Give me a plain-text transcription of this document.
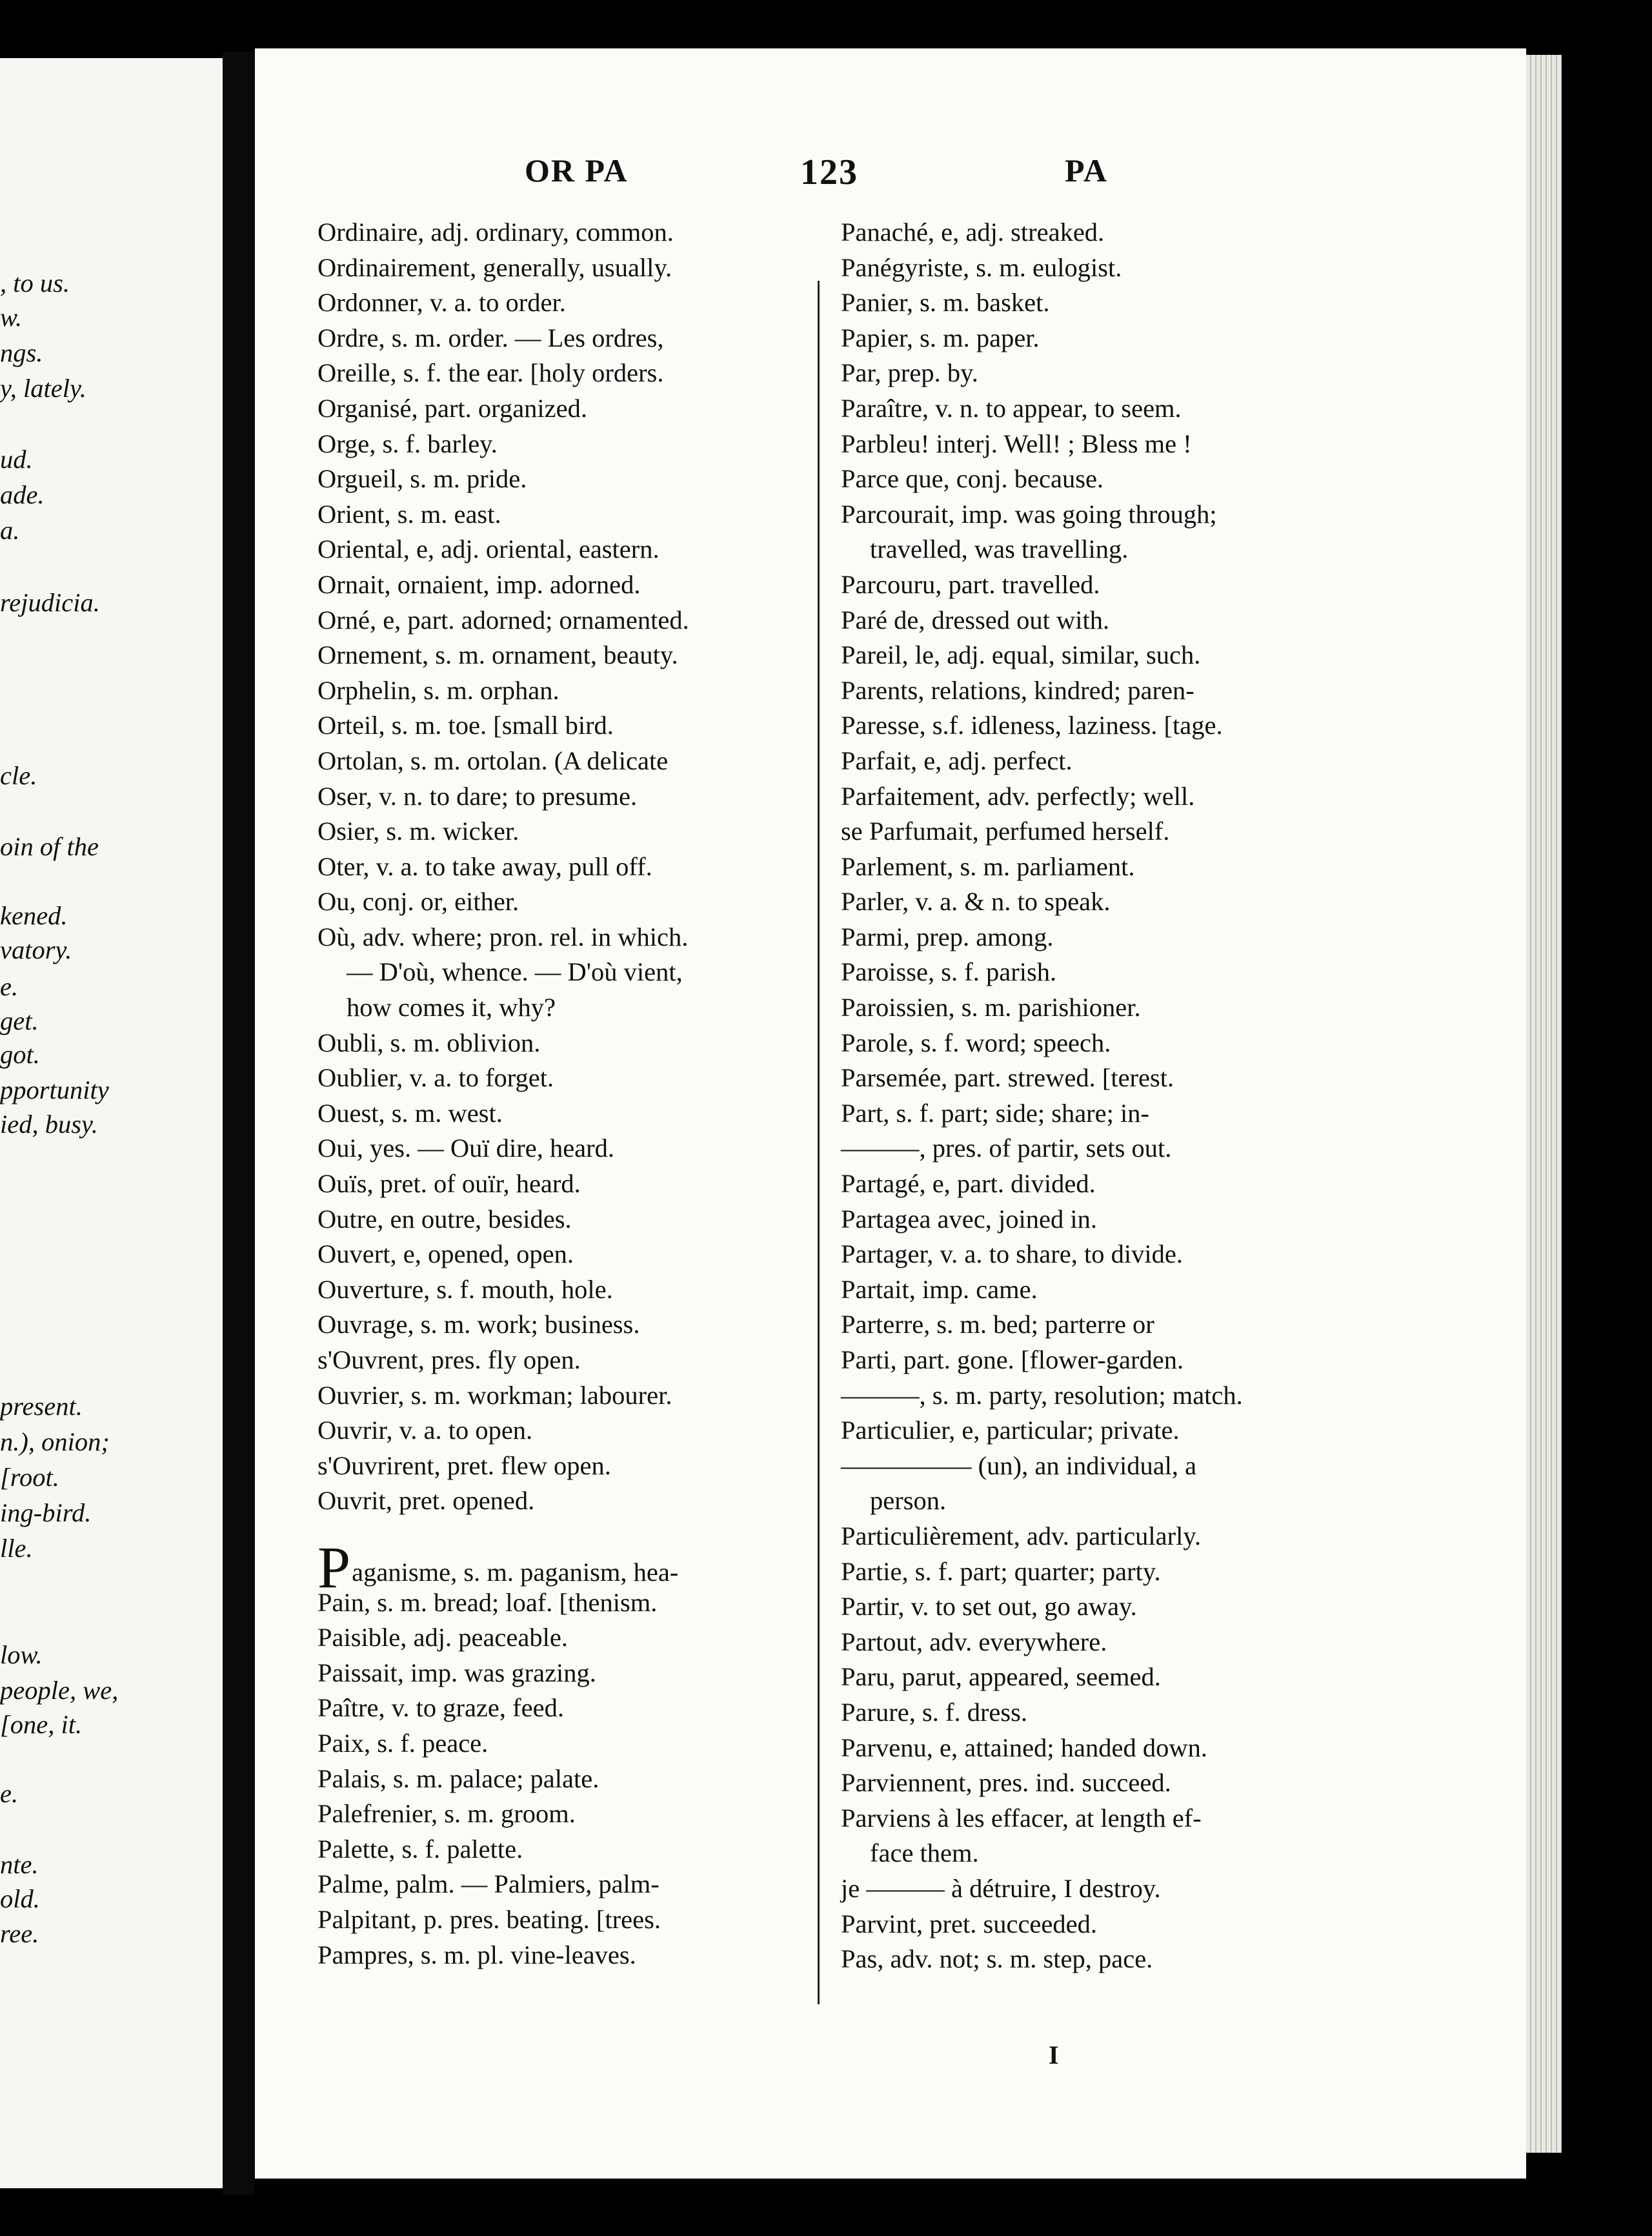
, to us.
w.
ngs.
y, lately.
ud.
ade.
a.
rejudicia.
cle.
oin of the
kened.
vatory.
e.
get.
got.
pportunity
ied, busy.
present.
n.), onion;
[root.
ing-bird.
lle.
low.
people, we,
[one, it.
e.
nte.
old.
ree.
OR PA	123	PA
Ordinaire, adj. ordinary, common.
Ordinairement, generally, usually.
Ordonner, v. a. to order.
Ordre, s. m. order. — Les ordres,
Oreille, s. f. the ear. [holy orders.
Organisé, part. organized.
Orge, s. f. barley.
Orgueil, s. m. pride.
Orient, s. m. east.
Oriental, e, adj. oriental, eastern.
Ornait, ornaient, imp. adorned.
Orné, e, part. adorned; ornamented.
Ornement, s. m. ornament, beauty.
Orphelin, s. m. orphan.
Orteil, s. m. toe. [small bird.
Ortolan, s. m. ortolan. (A delicate
Oser, v. n. to dare; to presume.
Osier, s. m. wicker.
Oter, v. a. to take away, pull off.
Ou, conj. or, either.
Où, adv. where; pron. rel. in which.
— D'où, whence. — D'où vient,
how comes it, why?
Oubli, s. m. oblivion.
Oublier, v. a. to forget.
Ouest, s. m. west.
Oui, yes. — Ouï dire, heard.
Ouïs, pret. of ouïr, heard.
Outre, en outre, besides.
Ouvert, e, opened, open.
Ouverture, s. f. mouth, hole.
Ouvrage, s. m. work; business.
s'Ouvrent, pres. fly open.
Ouvrier, s. m. workman; labourer.
Ouvrir, v. a. to open.
s'Ouvrirent, pret. flew open.
Ouvrit, pret. opened.
Paganisme, s. m. paganism, hea-
Pain, s. m. bread; loaf. [thenism.
Paisible, adj. peaceable.
Paissait, imp. was grazing.
Paître, v. to graze, feed.
Paix, s. f. peace.
Palais, s. m. palace; palate.
Palefrenier, s. m. groom.
Palette, s. f. palette.
Palme, palm. — Palmiers, palm-
Palpitant, p. pres. beating. [trees.
Pampres, s. m. pl. vine-leaves.
Panaché, e, adj. streaked.
Panégyriste, s. m. eulogist.
Panier, s. m. basket.
Papier, s. m. paper.
Par, prep. by.
Paraître, v. n. to appear, to seem.
Parbleu! interj. Well! ; Bless me !
Parce que, conj. because.
Parcourait, imp. was going through;
travelled, was travelling.
Parcouru, part. travelled.
Paré de, dressed out with.
Pareil, le, adj. equal, similar, such.
Parents, relations, kindred; paren-
Paresse, s.f. idleness, laziness. [tage.
Parfait, e, adj. perfect.
Parfaitement, adv. perfectly; well.
se Parfumait, perfumed herself.
Parlement, s. m. parliament.
Parler, v. a. & n. to speak.
Parmi, prep. among.
Paroisse, s. f. parish.
Paroissien, s. m. parishioner.
Parole, s. f. word; speech.
Parsemée, part. strewed. [terest.
Part, s. f. part; side; share; in-
———, pres. of partir, sets out.
Partagé, e, part. divided.
Partagea avec, joined in.
Partager, v. a. to share, to divide.
Partait, imp. came.
Parterre, s. m. bed; parterre or
Parti, part. gone. [flower-garden.
———, s. m. party, resolution; match.
Particulier, e, particular; private.
————— (un), an individual, a
person.
Particulièrement, adv. particularly.
Partie, s. f. part; quarter; party.
Partir, v. to set out, go away.
Partout, adv. everywhere.
Paru, parut, appeared, seemed.
Parure, s. f. dress.
Parvenu, e, attained; handed down.
Parviennent, pres. ind. succeed.
Parviens à les effacer, at length ef-
face them.
je ——— à détruire, I destroy.
Parvint, pret. succeeded.
Pas, adv. not; s. m. step, pace.
I
